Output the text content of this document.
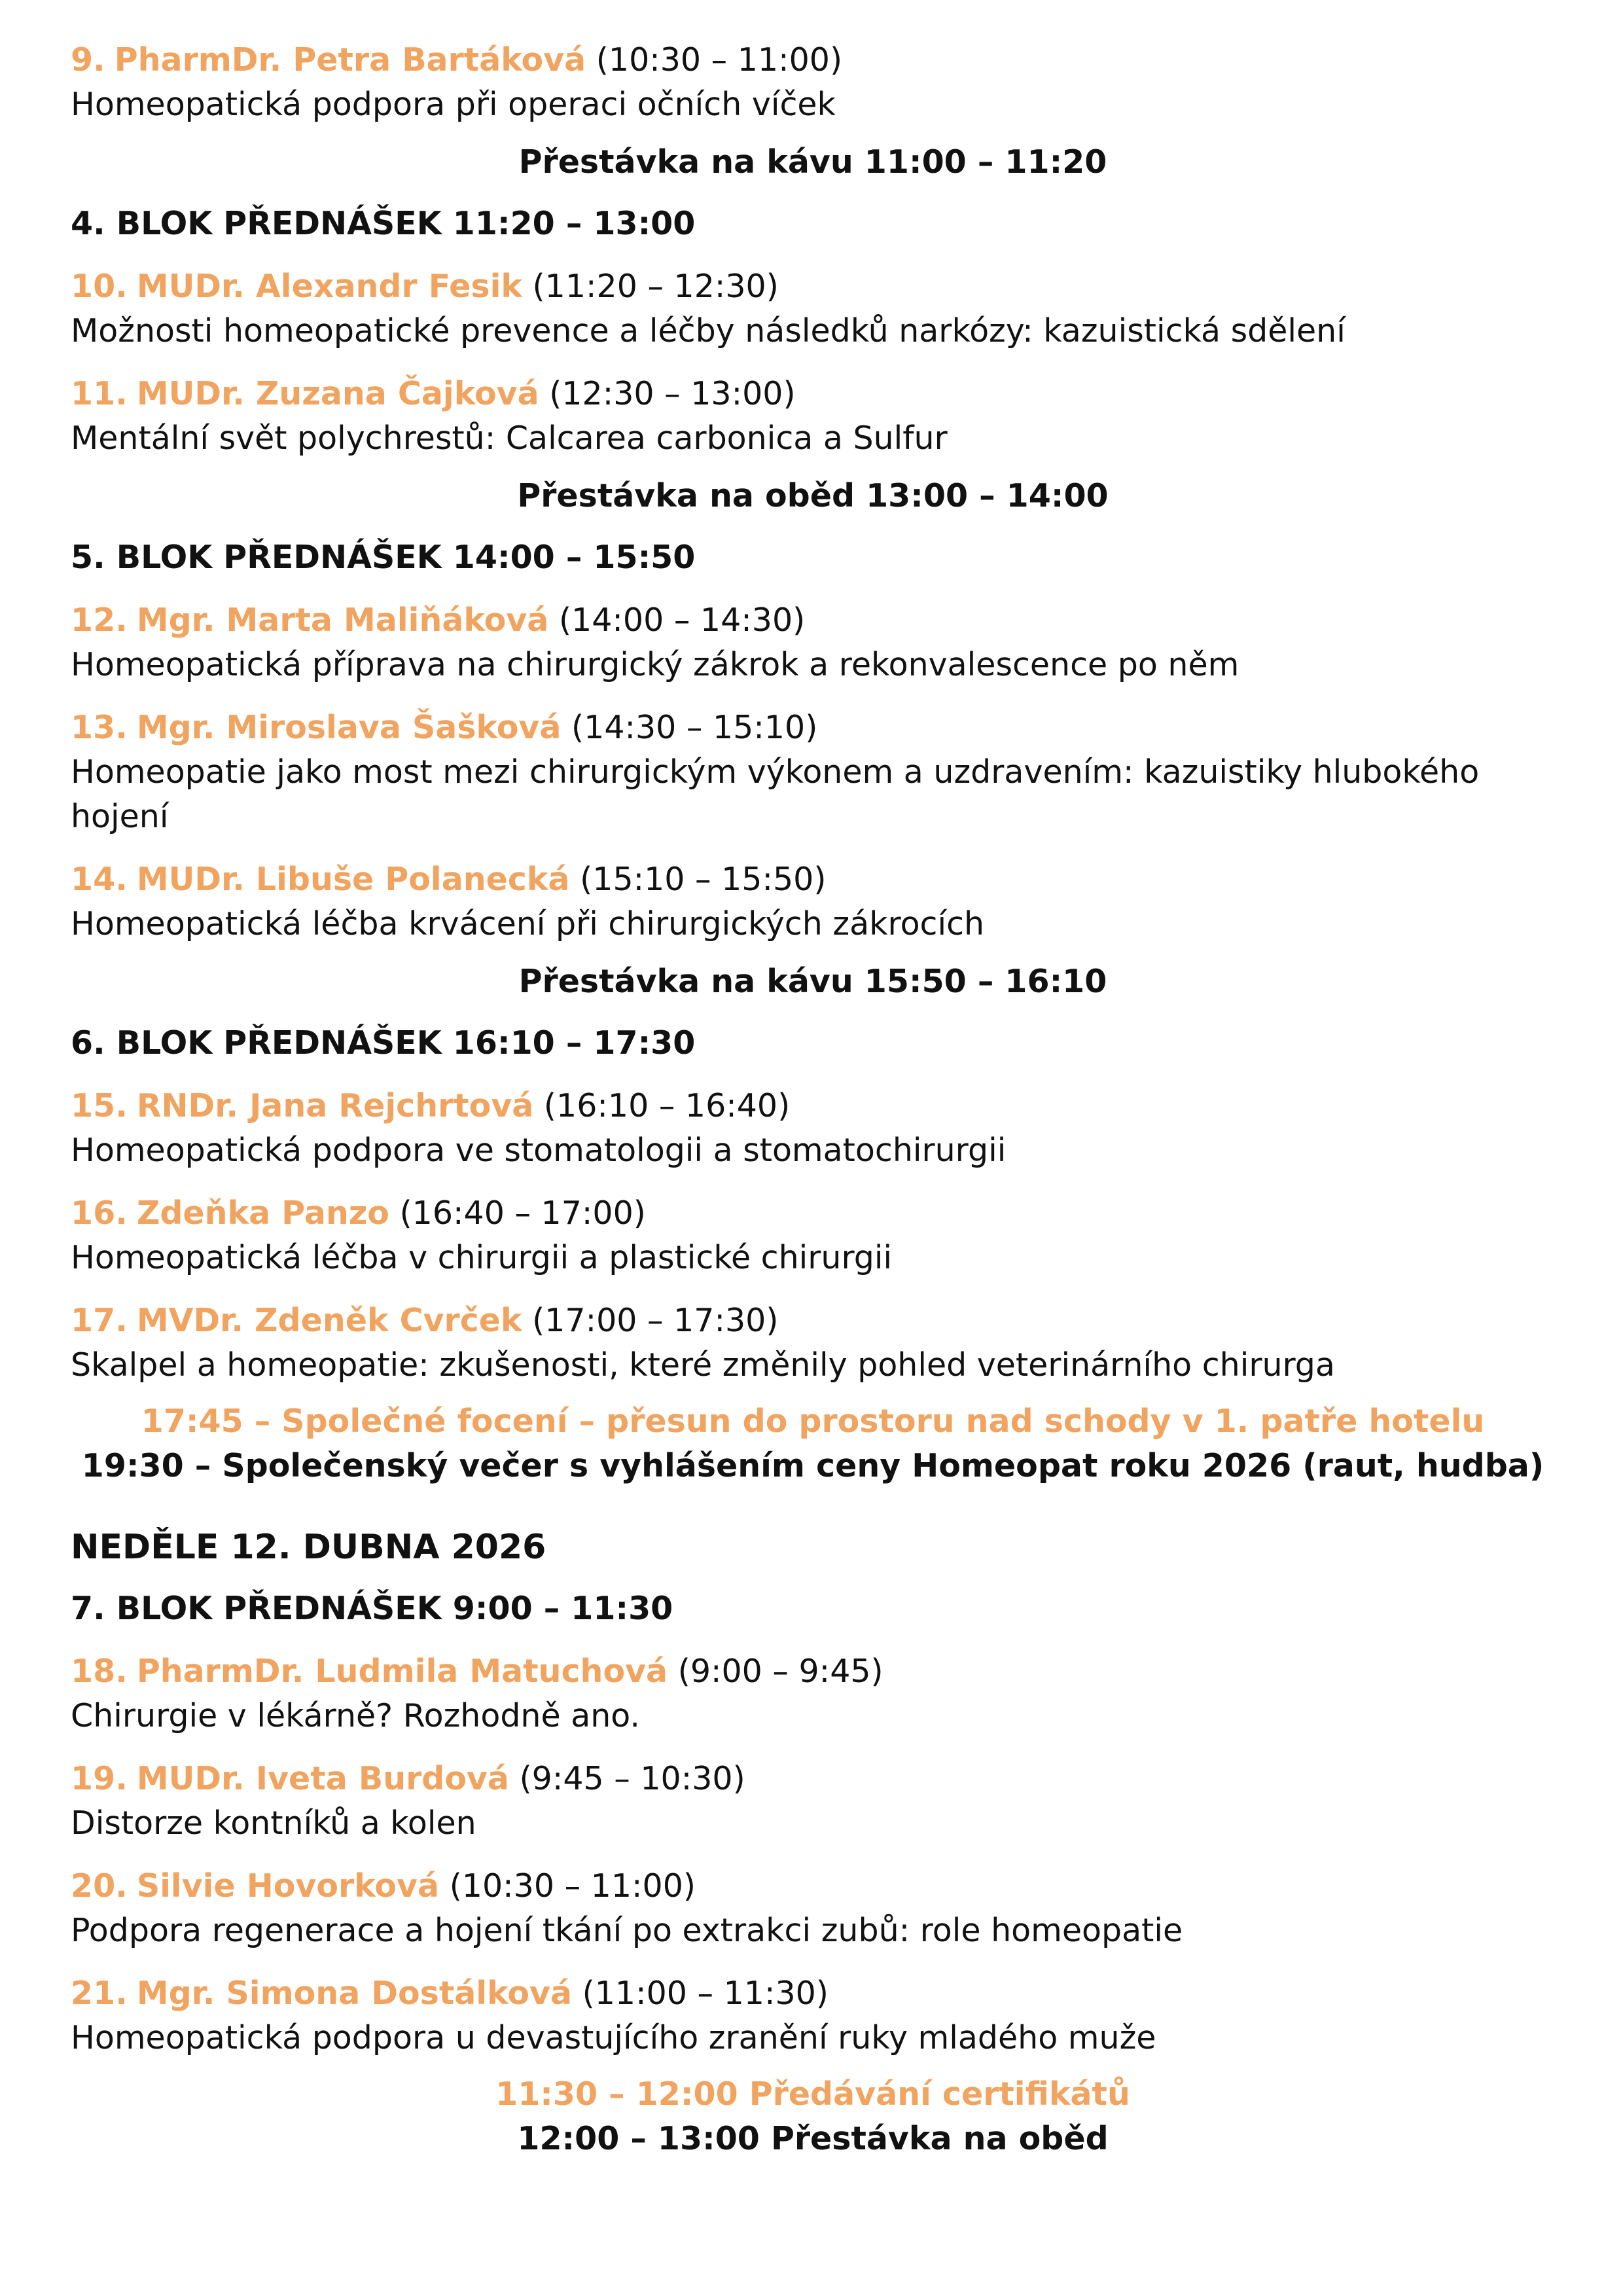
9. PharmDr. Petra Bartáková (10:30 – 11:00)
Homeopatická podpora při operaci očních víček
Přestávka na kávu 11:00 – 11:20
4. BLOK PŘEDNÁŠEK 11:20 – 13:00
10. MUDr. Alexandr Fesik (11:20 – 12:30)
Možnosti homeopatické prevence a léčby následků narkózy: kazuistická sdělení
11. MUDr. Zuzana Čajková (12:30 – 13:00)
Mentální svět polychrestů: Calcarea carbonica a Sulfur
Přestávka na oběd 13:00 – 14:00
5. BLOK PŘEDNÁŠEK 14:00 – 15:50
12. Mgr. Marta Maliňáková (14:00 – 14:30)
Homeopatická příprava na chirurgický zákrok a rekonvalescence po něm
13. Mgr. Miroslava Šašková (14:30 – 15:10)
Homeopatie jako most mezi chirurgickým výkonem a uzdravením: kazuistiky hlubokého hojení
14. MUDr. Libuše Polanecká (15:10 – 15:50)
Homeopatická léčba krvácení při chirurgických zákrocích
Přestávka na kávu 15:50 – 16:10
6. BLOK PŘEDNÁŠEK 16:10 – 17:30
15. RNDr. Jana Rejchrtová (16:10 – 16:40)
Homeopatická podpora ve stomatologii a stomatochirurgii
16. Zdeňka Panzo (16:40 – 17:00)
Homeopatická léčba v chirurgii a plastické chirurgii
17. MVDr. Zdeněk Cvrček (17:00 – 17:30)
Skalpel a homeopatie: zkušenosti, které změnily pohled veterinárního chirurga
17:45 – Společné focení – přesun do prostoru nad schody v 1. patře hotelu
19:30 – Společenský večer s vyhlášením ceny Homeopat roku 2026 (raut, hudba)
NEDĚLE 12. DUBNA 2026
7. BLOK PŘEDNÁŠEK 9:00 – 11:30
18. PharmDr. Ludmila Matuchová (9:00 – 9:45)
Chirurgie v lékárně? Rozhodně ano.
19. MUDr. Iveta Burdová (9:45 – 10:30)
Distorze kontníků a kolen
20. Silvie Hovorková (10:30 – 11:00)
Podpora regenerace a hojení tkání po extrakci zubů: role homeopatie
21. Mgr. Simona Dostálková (11:00 – 11:30)
Homeopatická podpora u devastujícího zranění ruky mladého muže
11:30 – 12:00 Předávání certifikátů
12:00 – 13:00 Přestávka na oběd
